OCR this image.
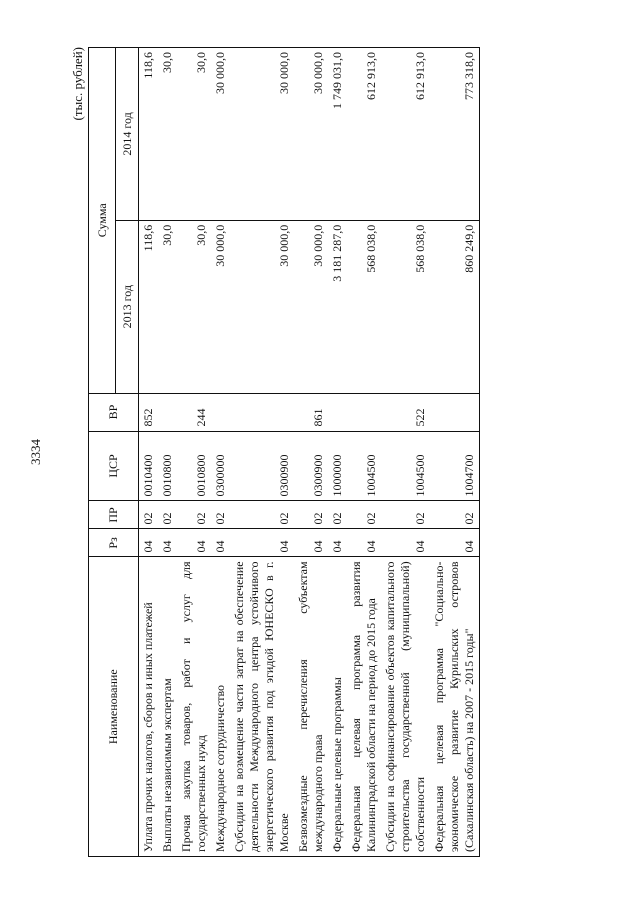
3334
(тыс. рублей)
Наименование	Рз	ПР	ЦСР	ВР	Сумма	
					2013 год	2014 год
Уплата прочих налогов, сборов и иных платежей	04	02	0010400	852	118,6	118,6
Выплаты независимым экспертам	04	02	0010800		30,0	30,0
Прочая закупка товаров, работ и услуг для государственных нужд	04	02	0010800	244	30,0	30,0
Международное сотрудничество	04	02	0300000		30 000,0	30 000,0
Субсидии на возмещение части затрат на обеспечение деятельности Международного центра устойчивого энергетического развития под эгидой ЮНЕСКО в г. Москве	04	02	0300900		30 000,0	30 000,0
Безвозмездные перечисления субъектам международного права	04	02	0300900	861	30 000,0	30 000,0
Федеральные целевые программы	04	02	1000000		3 181 287,0	1 749 031,0
Федеральная целевая программа развития Калининградской области на период до 2015 года	04	02	1004500		568 038,0	612 913,0
Субсидии на софинансирование объектов капитального строительства государственной (муниципальной) собственности	04	02	1004500	522	568 038,0	612 913,0
Федеральная целевая программа "Социально-экономическое развитие Курильских островов (Сахалинская область) на 2007 - 2015 годы"	04	02	1004700		860 249,0	773 318,0
